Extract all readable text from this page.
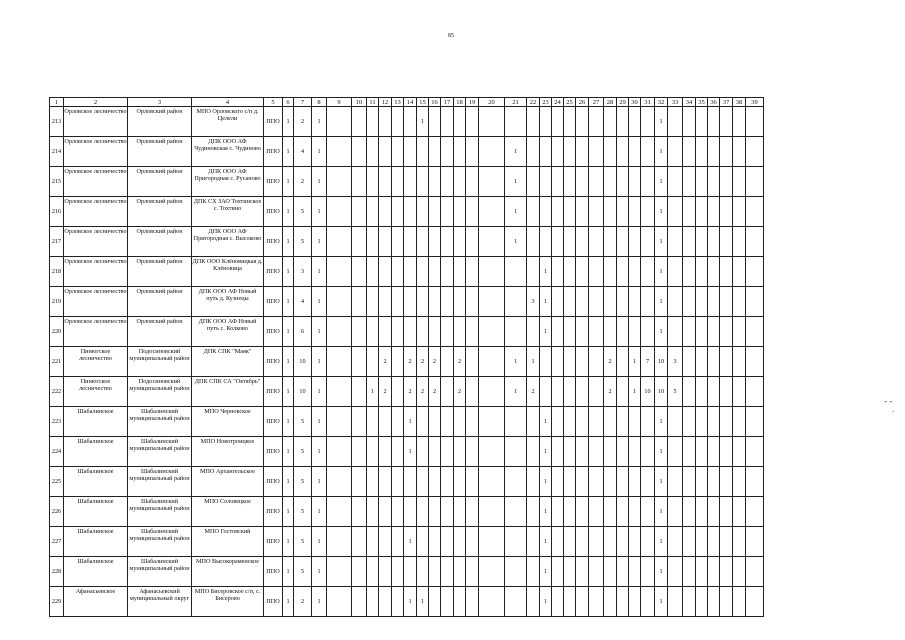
85
1	2	3	4	5	6	7	8	9	10	11	12	13	14	15	16	17	18	19	20	21	22	23	24	25	26	27	28	29	30	31	32	33	34	35	36	37	38	39
213	Орловское лесничество	Орловский район	МПО Орловского с/п д. Целели	ППО	1	2	1							1																	1							
214	Орловское лесничество	Орловский район	ДПК ООО АФ Чудиновская с. Чудиново	ППО	1	4	1													1											1							
215	Орловское лесничество	Орловский район	ДПК ООО АФ Пригородная с. Русаново	ППО	1	2	1													1											1							
216	Орловское лесничество	Орловский район	ДПК СХ ЗАО Тохтинское с. Тохтино	ППО	1	5	1													1											1							
217	Орловское лесничество	Орловский район	ДПК ООО АФ Пригородная с. Высоково	ППО	1	5	1													1											1							
218	Орловское лесничество	Орловский район	ДПК ООО Клёновицкая д. Клёновица	ППО	1	3	1															1									1							
219	Орловское лесничество	Орловский район	ДПК ООО АФ Новый путь д. Кузнецы	ППО	1	4	1														3	1									1							
220	Орловское лесничество	Орловский район	ДПК ООО АФ Новый путь с. Колково	ППО	1	6	1															1									1							
221	Пинюгское лесничество	Подосиновский муниципальный район	ДПК СПК "Маяк"	ППО	1	10	1				2		2	2	2		2			1	1						2		1	7	10	3						
222	Пинюгское лесничество	Подосиновский муниципальный район	ДПК СПК СА "Октябрь"	ППО	1	10	1			1	2		2	2	2		2			1	2						2		1	10	10	5						
223	Шабалинское	Шабалинский муниципальный район	МПО Черновское	ППО	1	5	1						1									1									1							
224	Шабалинское	Шабалинский муниципальный район	МПО Новотроицкое	ППО	1	5	1						1									1									1							
225	Шабалинское	Шабалинский муниципальный район	МПО Архангельское	ППО	1	5	1															1									1							
226	Шабалинское	Шабалинский муниципальный район	МПО Соловецкое	ППО	1	5	1															1									1							
227	Шабалинское	Шабалинский муниципальный район	МПО Гостовский	ППО	1	5	1						1									1									1							
228	Шабалинское	Шабалинский муниципальный район	МПО Высокораменское	ППО	1	5	1															1									1							
229	Афанасьевское	Афанасьевский муниципальный округ	МПО Бисеровское с/п, с. Бисерово	ППО	1	2	1						1	1								1									1							
- -
.
